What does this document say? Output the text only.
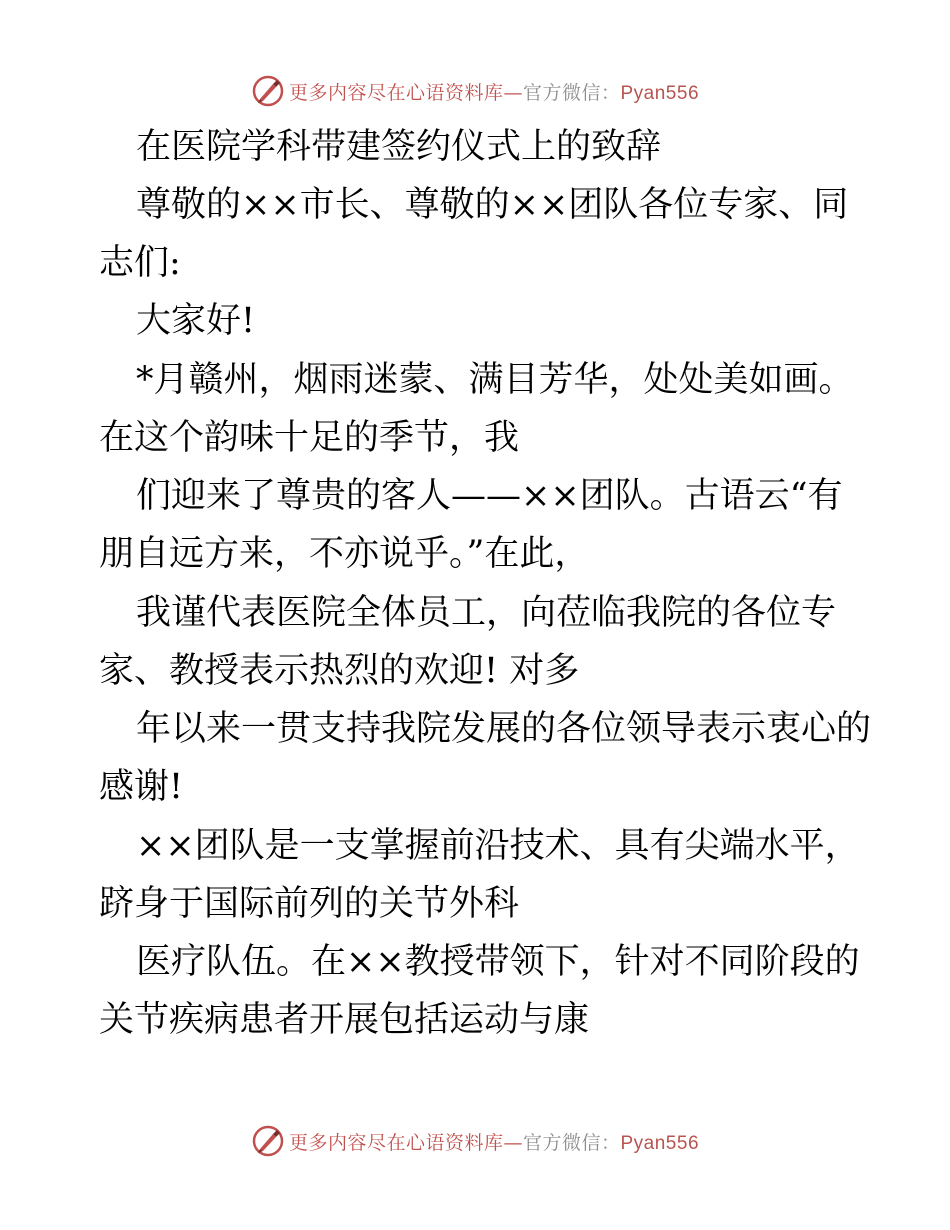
更多内容尽在心语资料库—官方微信：Pyan556
在医院学科带建签约仪式上的致辞
尊敬的××市长、尊敬的××团队各位专家、同
志们:
大家好!
*月赣州，烟雨迷蒙、满目芳华，处处美如画。
在这个韵味十足的季节，我
们迎来了尊贵的客人——××团队。古语云“有
朋自远方来，不亦说乎。”在此，
我谨代表医院全体员工，向莅临我院的各位专
家、教授表示热烈的欢迎! 对多
年以来一贯支持我院发展的各位领导表示衷心的
感谢!
××团队是一支掌握前沿技术、具有尖端水平，
跻身于国际前列的关节外科
医疗队伍。在××教授带领下，针对不同阶段的
关节疾病患者开展包括运动与康
更多内容尽在心语资料库—官方微信：Pyan556
